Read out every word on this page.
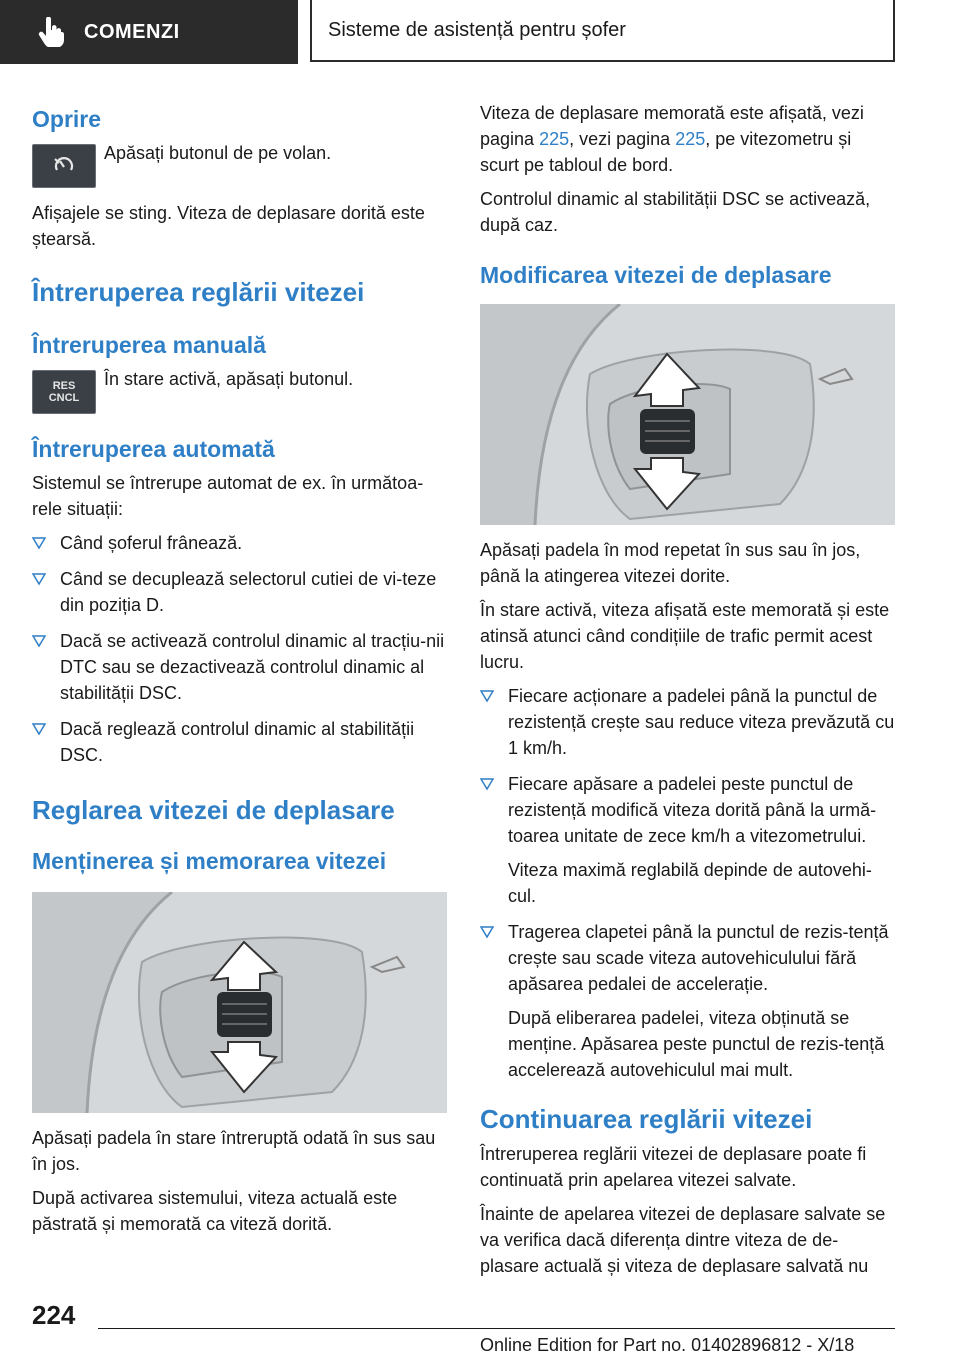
COMENZI	Sisteme de asistență pentru șofer
Oprire

Apăsați butonul de pe volan.

Afișajele se sting. Viteza de deplasare dorită este ștearsă.

Întreruperea reglării vitezei
Întreruperea manuală
RES
CNCL

În stare activă, apăsați butonul.

Întreruperea automată

Sistemul se întrerupe automat de ex. în următoa-rele situații:

Când șoferul frânează.
Când se decuplează selectorul cutiei de vi-teze din poziția D.
Dacă se activează controlul dinamic al tracțiu-nii DTC sau se dezactivează controlul dinamic al stabilității DSC.
Dacă reglează controlul dinamic al stabilității DSC.
Reglarea vitezei de deplasare
Menținerea și memorarea vitezei

Apăsați padela în stare întreruptă odată în sus sau în jos.

După activarea sistemului, viteza actuală este păstrată și memorată ca viteză dorită.

Viteza de deplasare memorată este afișată, vezi pagina 225, vezi pagina 225, pe vitezometru și scurt pe tabloul de bord.

Controlul dinamic al stabilității DSC se activează, după caz.

Modificarea vitezei de deplasare

Apăsați padela în mod repetat în sus sau în jos, până la atingerea vitezei dorite.

În stare activă, viteza afișată este memorată și este atinsă atunci când condițiile de trafic permit acest lucru.

Fiecare acționare a padelei până la punctul de rezistență crește sau reduce viteza prevăzută cu 1 km/h.
Fiecare apăsare a padelei peste punctul de rezistență modifică viteza dorită până la urmă-toarea unitate de zece km/h a vitezometrului.

Viteza maximă reglabilă depinde de autovehi-cul.

Tragerea clapetei până la punctul de rezis-tență crește sau scade viteza autovehiculului fără apăsarea pedalei de accelerație.

După eliberarea padelei, viteza obținută se menține. Apăsarea peste punctul de rezis-tență accelerează autovehiculul mai mult.

Continuarea reglării vitezei

Întreruperea reglării vitezei de deplasare poate fi continuată prin apelarea vitezei salvate.

Înainte de apelarea vitezei de deplasare salvate se va verifica dacă diferența dintre viteza de de-plasare actuală și viteza de deplasare salvată nu

224
Online Edition for Part no. 01402896812 - X/18
